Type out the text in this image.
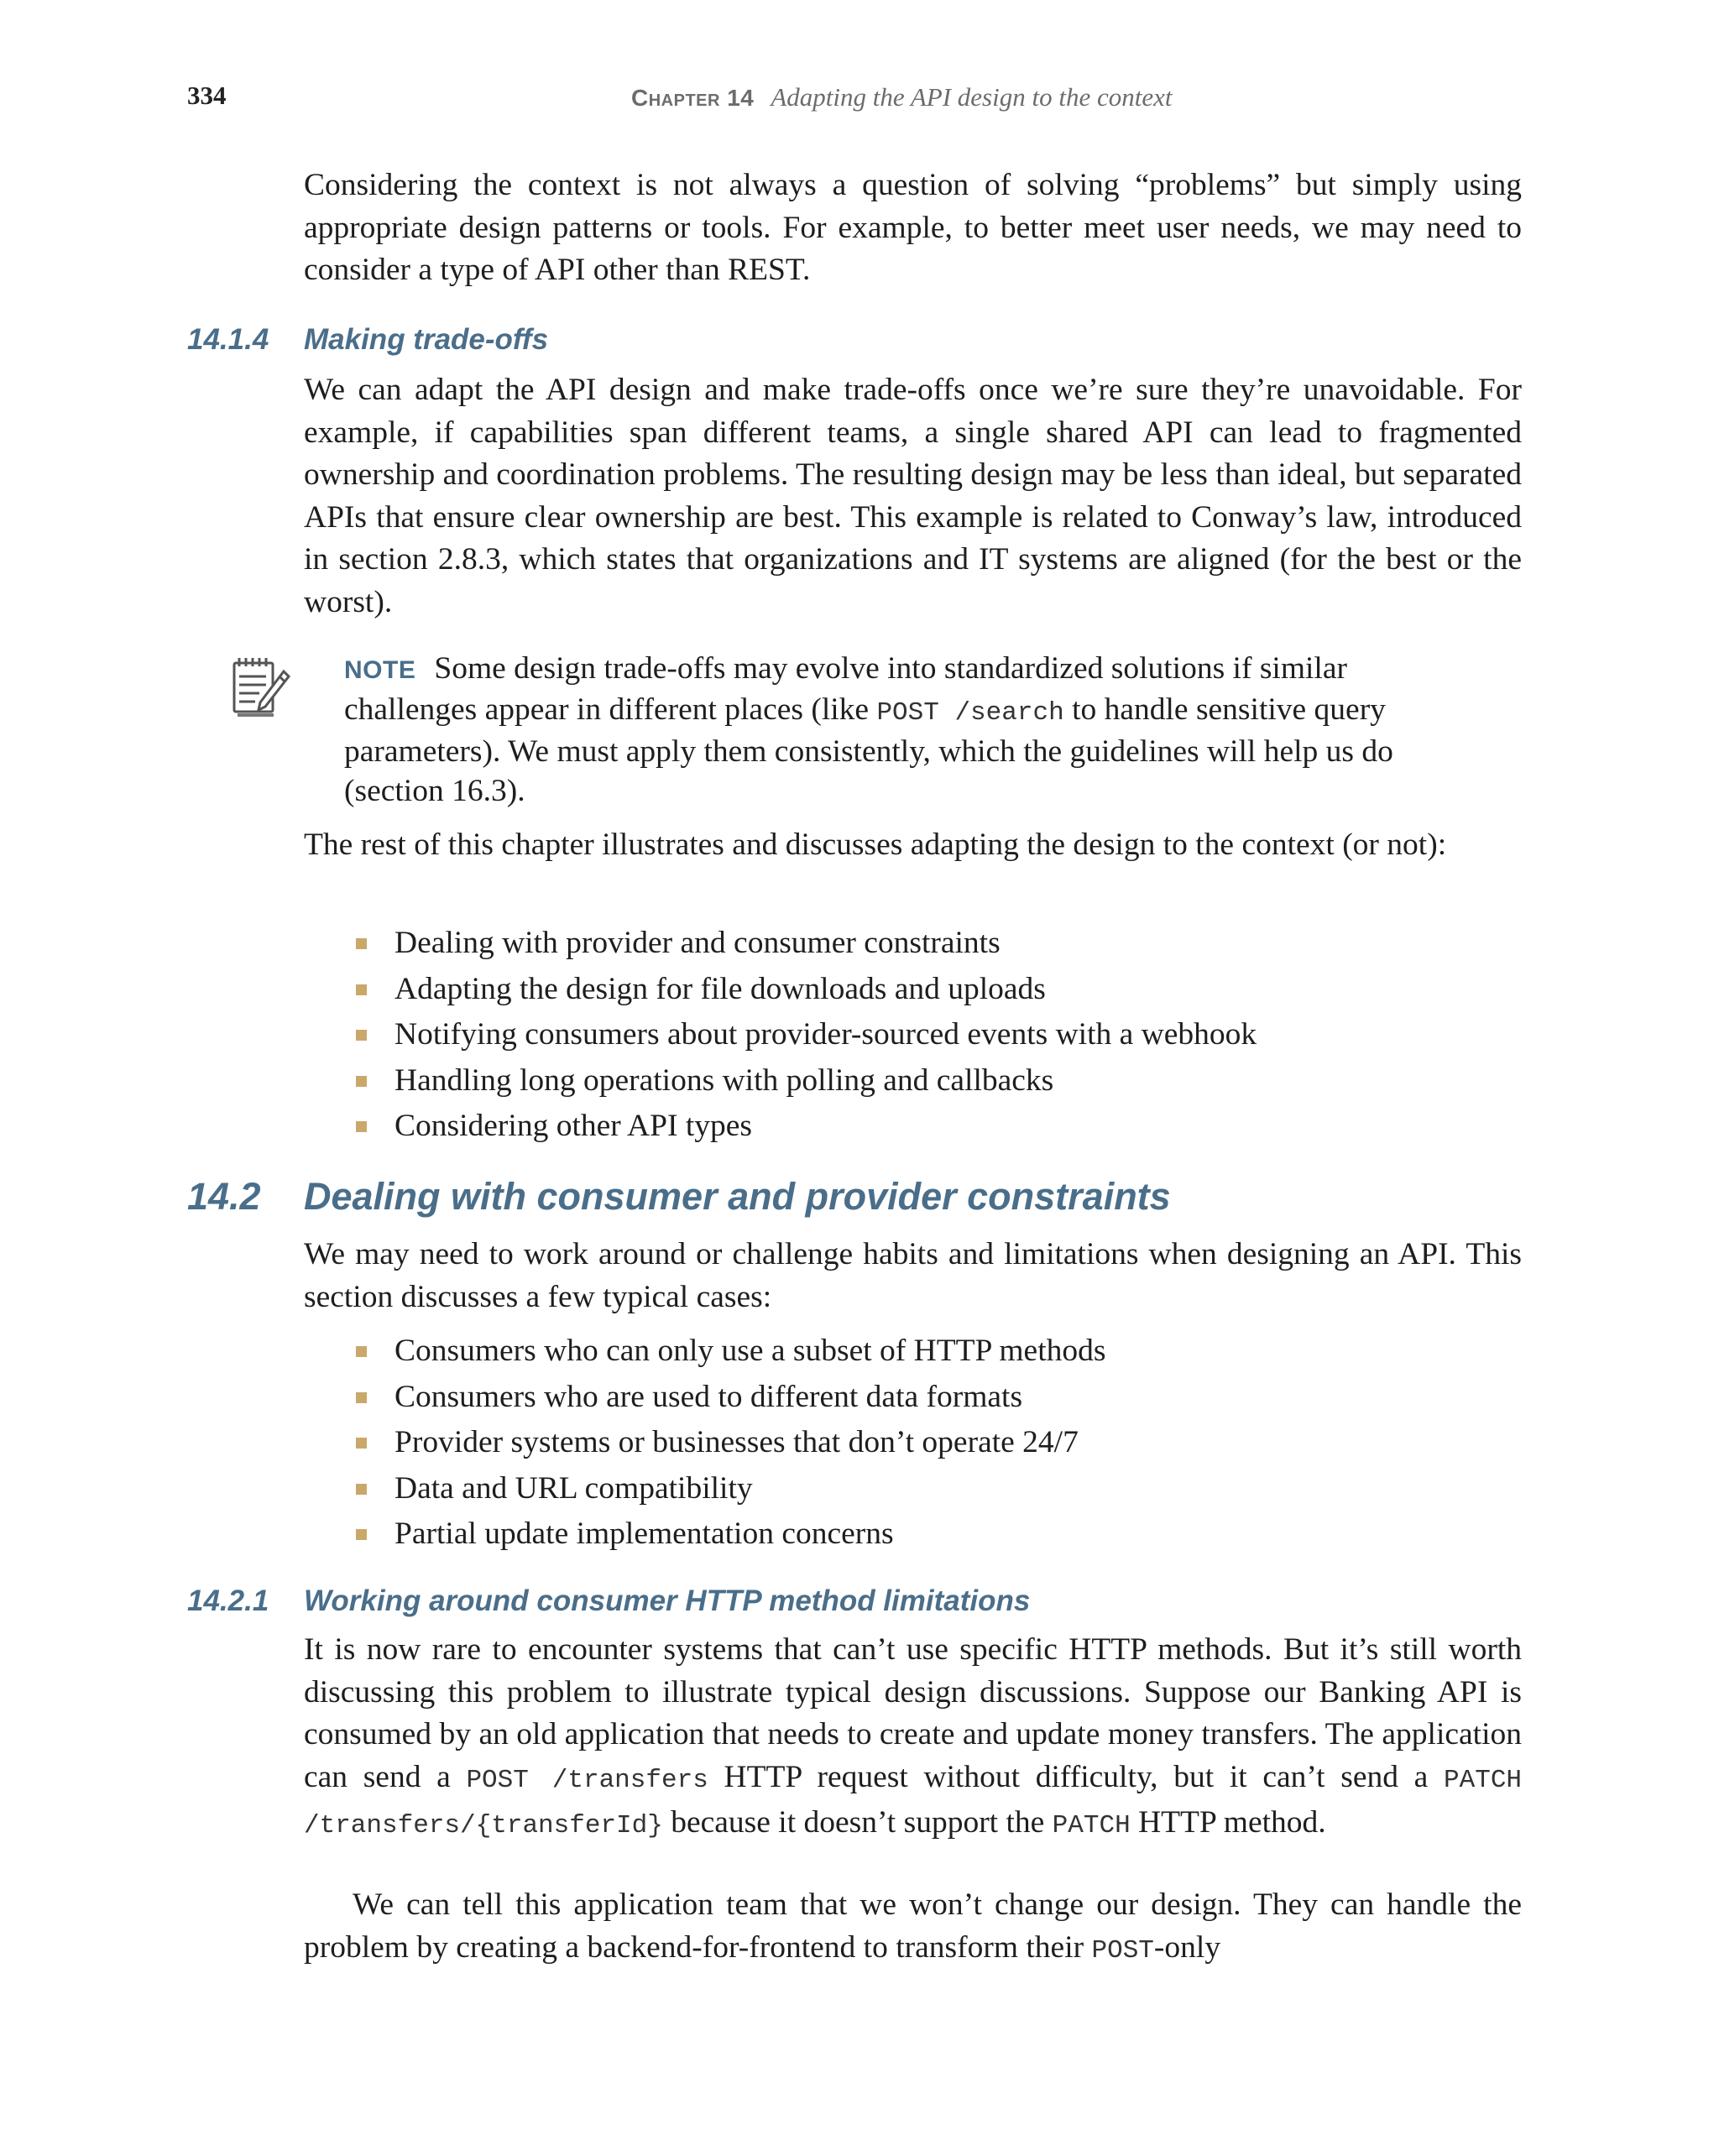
334	Chapter 14 Adapting the API design to the context

Considering the context is not always a question of solving “problems” but simply using appropriate design patterns or tools. For example, to better meet user needs, we may need to consider a type of API other than REST.

14.1.4 Making trade-offs

We can adapt the API design and make trade-offs once we’re sure they’re unavoidable. For example, if capabilities span different teams, a single shared API can lead to fragmented ownership and coordination problems. The resulting design may be less than ideal, but separated APIs that ensure clear ownership are best. This example is related to Conway’s law, introduced in section 2.8.3, which states that organizations and IT systems are aligned (for the best or the worst).

NOTE Some design trade-offs may evolve into standardized solutions if similar challenges appear in different places (like POST /search to handle sensitive query parameters). We must apply them consistently, which the guidelines will help us do (section 16.3).

The rest of this chapter illustrates and discusses adapting the design to the context (or not):

Dealing with provider and consumer constraints
Adapting the design for file downloads and uploads
Notifying consumers about provider-sourced events with a webhook
Handling long operations with polling and callbacks
Considering other API types
14.2 Dealing with consumer and provider constraints

We may need to work around or challenge habits and limitations when designing an API. This section discusses a few typical cases:

Consumers who can only use a subset of HTTP methods
Consumers who are used to different data formats
Provider systems or businesses that don’t operate 24/7
Data and URL compatibility
Partial update implementation concerns
14.2.1 Working around consumer HTTP method limitations

It is now rare to encounter systems that can’t use specific HTTP methods. But it’s still worth discussing this problem to illustrate typical design discussions. Suppose our Banking API is consumed by an old application that needs to create and update money transfers. The application can send a POST /transfers HTTP request without difficulty, but it can’t send a PATCH /transfers/{transferId} because it doesn’t support the PATCH HTTP method.

We can tell this application team that we won’t change our design. They can handle the problem by creating a backend-for-frontend to transform their POST-only
